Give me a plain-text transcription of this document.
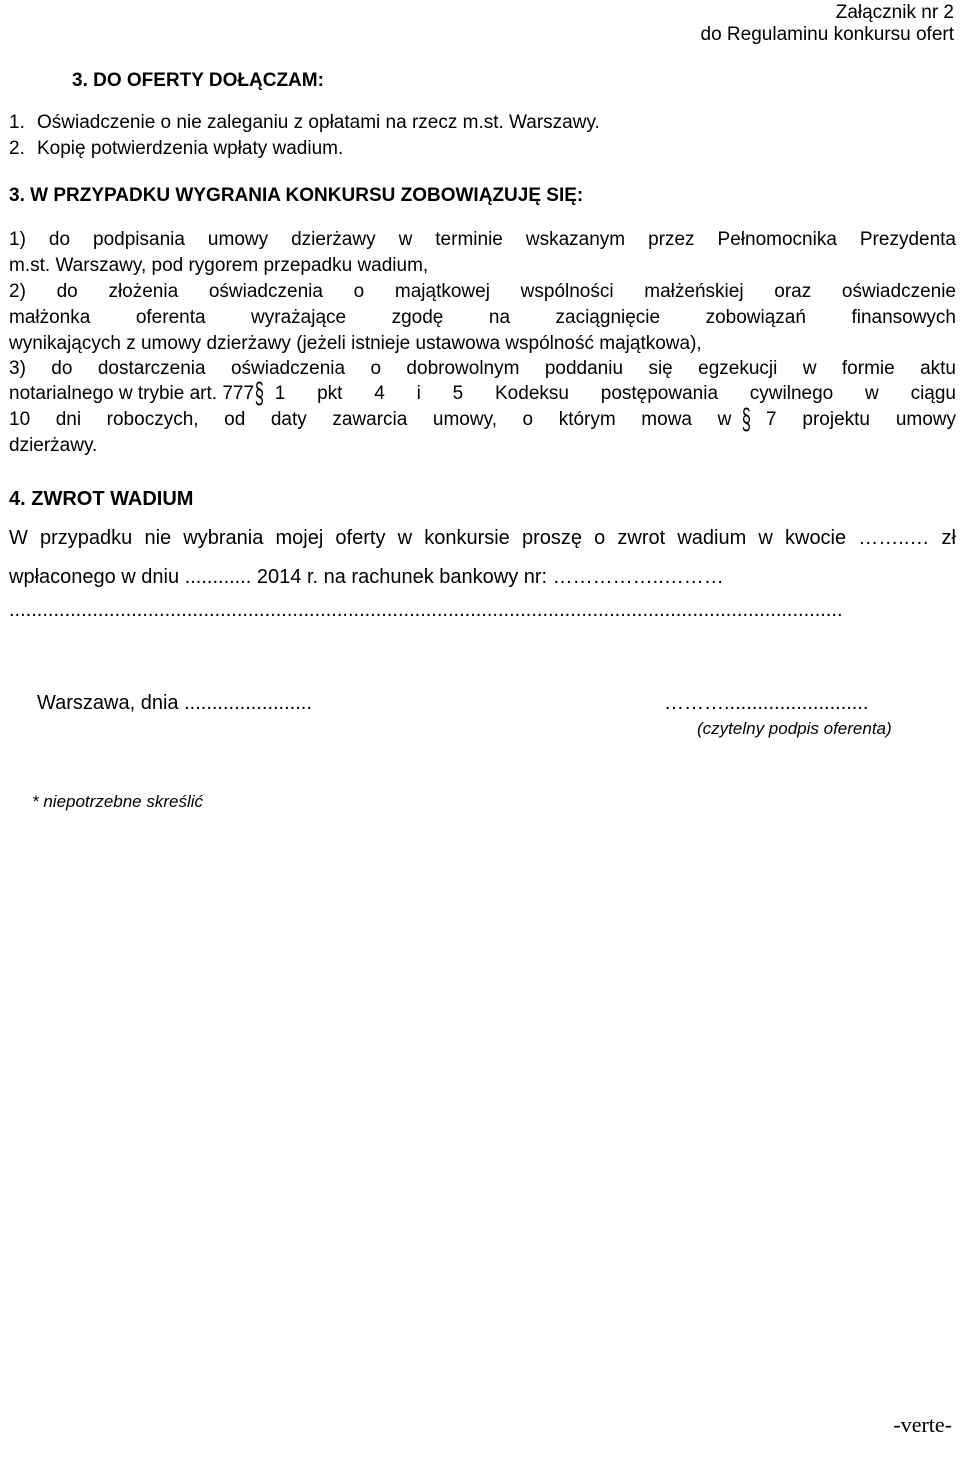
Załącznik nr 2
do Regulaminu konkursu ofert
3. DO OFERTY DOŁĄCZAM:
1. Oświadczenie o nie zaleganiu z opłatami na rzecz m.st. Warszawy.
2. Kopię potwierdzenia wpłaty wadium.
3. W PRZYPADKU WYGRANIA KONKURSU ZOBOWIĄZUJĘ SIĘ:
1) do podpisania umowy dzierżawy w terminie wskazanym przez Pełnomocnika Prezydenta
m.st. Warszawy, pod rygorem przepadku wadium,
2) do złożenia oświadczenia o majątkowej wspólności małżeńskiej oraz oświadczenie
małżonka oferenta wyrażające zgodę na zaciągnięcie zobowiązań finansowych
wynikających z umowy dzierżawy (jeżeli istnieje ustawowa wspólność majątkowa),
3) do dostarczenia oświadczenia o dobrowolnym poddaniu się egzekucji w formie aktu
notarialnego w trybie art. 777 § 1 pkt 4 i 5 Kodeksu postępowania cywilnego w ciągu
10 dni roboczych, od daty zawarcia umowy, o którym mowa w § 7 projektu umowy
dzierżawy.
4. ZWROT WADIUM
W przypadku nie wybrania mojej oferty w konkursie proszę o zwrot wadium w kwocie ……..… zł
wpłaconego w dniu ............ 2014 r. na rachunek bankowy nr: ……………..………
......................................................................................................................................................
Warszawa, dnia .......................	………..........................
(czytelny podpis oferenta)
* niepotrzebne skreślić
-verte-
